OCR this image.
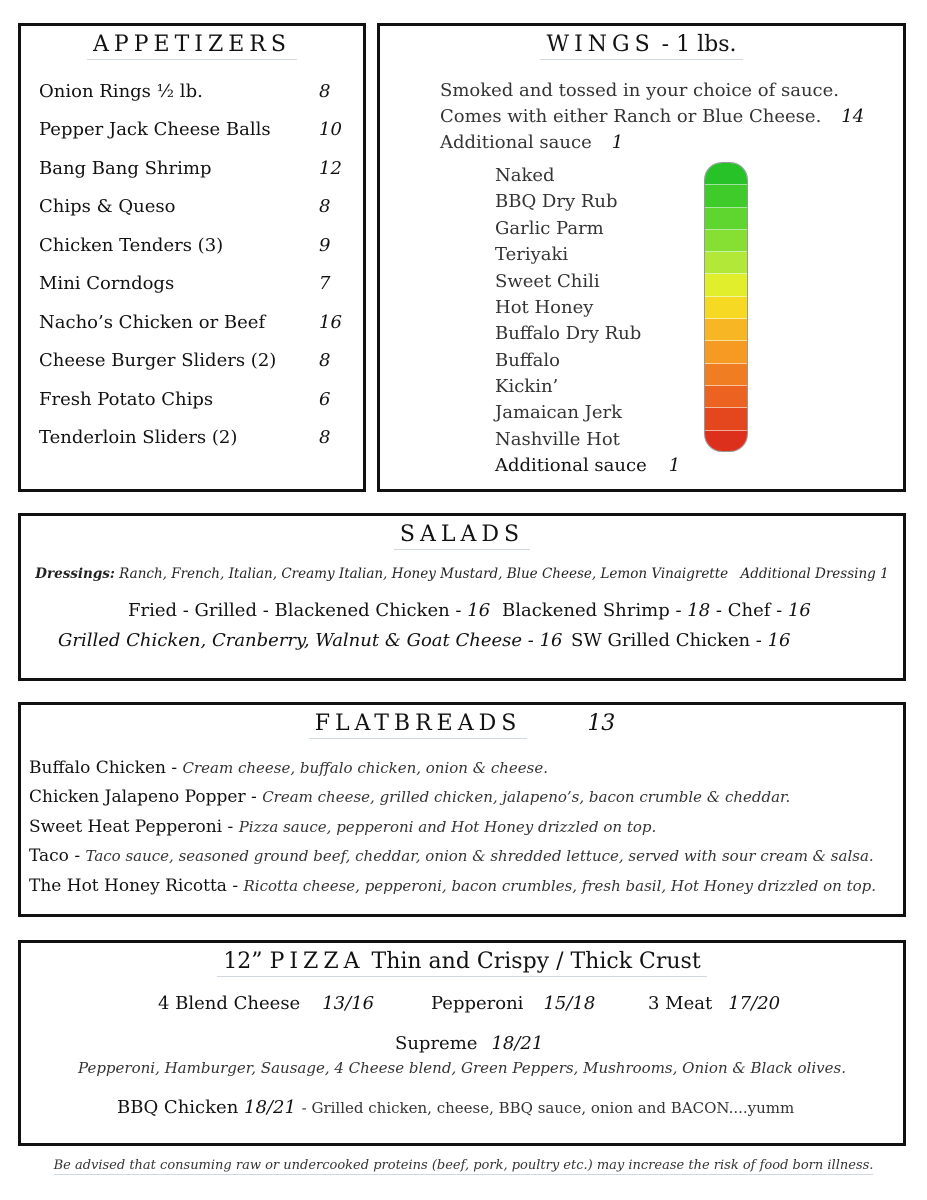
APPETIZERS
Onion Rings ½ lb.	8
Pepper Jack Cheese Balls	10
Bang Bang Shrimp	12
Chips & Queso	8
Chicken Tenders (3)	9
Mini Corndogs	7
Nacho’s Chicken or Beef	16
Cheese Burger Sliders (2) 8
Fresh Potato Chips	6
Tenderloin Sliders (2)	8
WINGS - 1 lbs.
Smoked and tossed in your choice of sauce.
Comes with either Ranch or Blue Cheese. 14
Additional sauce 1
Naked
BBQ Dry Rub
Garlic Parm
Teriyaki
Sweet Chili
Hot Honey
Buffalo Dry Rub
Buffalo
Kickin’
Jamaican Jerk
Nashville Hot
Additional sauce 1
SALADS
Dressings: Ranch, French, Italian, Creamy Italian, Honey Mustard, Blue Cheese, Lemon Vinaigrette Additional Dressing 1
Fried - Grilled - Blackened Chicken - 16 Blackened Shrimp - 18 - Chef - 16
Grilled Chicken, Cranberry, Walnut & Goat Cheese - 16 SW Grilled Chicken - 16
FLATBREADS	13
Buffalo Chicken - Cream cheese, buffalo chicken, onion & cheese.
Chicken Jalapeno Popper - Cream cheese, grilled chicken, jalapeno’s, bacon crumble & cheddar.
Sweet Heat Pepperoni - Pizza sauce, pepperoni and Hot Honey drizzled on top.
Taco - Taco sauce, seasoned ground beef, cheddar, onion & shredded lettuce, served with sour cream & salsa.
The Hot Honey Ricotta - Ricotta cheese, pepperoni, bacon crumbles, fresh basil, Hot Honey drizzled on top.
12” PIZZA Thin and Crispy / Thick Crust
4 Blend Cheese 13/16	Pepperoni 15/18	3 Meat 17/20
Supreme 18/21
Pepperoni, Hamburger, Sausage, 4 Cheese blend, Green Peppers, Mushrooms, Onion & Black olives.
BBQ Chicken 18/21 - Grilled chicken, cheese, BBQ sauce, onion and BACON....yumm
Be advised that consuming raw or undercooked proteins (beef, pork, poultry etc.) may increase the risk of food born illness.
